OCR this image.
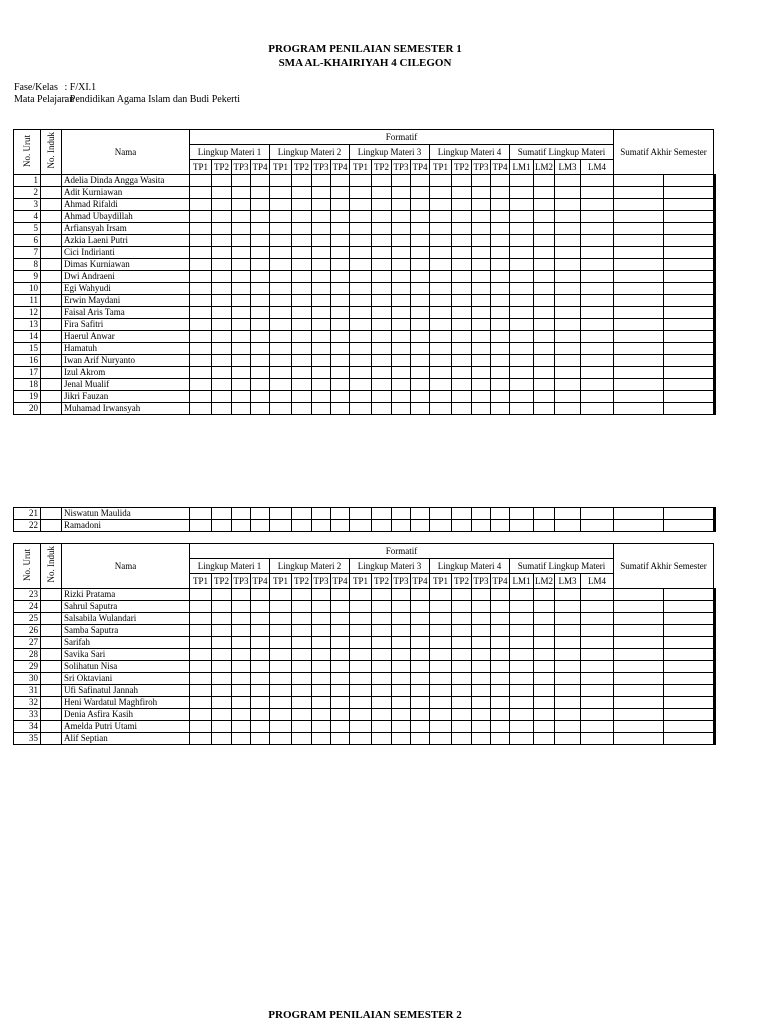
PROGRAM PENILAIAN SEMESTER 1
SMA AL-KHAIRIYAH 4 CILEGON
Fase/Kelas : F/XI.1
Mata Pelajaran : Pendidikan Agama Islam dan Budi Pekerti
No. Urut	No. Induk	Nama	Formatif																				Sumatif Akhir Semester		
			Lingkup Materi 1				Lingkup Materi 2				Lingkup Materi 3				Lingkup Materi 4				Sumatif Lingkup Materi						
			TP1	TP2	TP3	TP4	TP1	TP2	TP3	TP4	TP1	TP2	TP3	TP4	TP1	TP2	TP3	TP4	LM1	LM2	LM3	LM4			
1		Adelia Dinda Angga Wasita																								
2		Adit Kurniawan																								
3		Ahmad Rifaldi																								
4		Ahmad Ubaydillah																								
5		Arfiansyah Irsam																								
6		Azkia Laeni Putri																								
7		Cici Indirianti																								
8		Dimas Kurniawan																								
9		Dwi Andraeni																								
10		Egi Wahyudi																								
11		Erwin Maydani																								
12		Faisal Aris Tama																								
13		Fira Safitri																								
14		Haerul Anwar																								
15		Hamatuh																								
16		Iwan Arif Nuryanto																								
17		Izul Akrom																								
18		Jenal Mualif																								
19		Jikri Fauzan																								
20		Muhamad Irwansyah																								
21		Niswatun Maulida																								
22		Ramadoni																								
No. Urut	No. Induk	Nama	Formatif																				Sumatif Akhir Semester		
			Lingkup Materi 1				Lingkup Materi 2				Lingkup Materi 3				Lingkup Materi 4				Sumatif Lingkup Materi						
			TP1	TP2	TP3	TP4	TP1	TP2	TP3	TP4	TP1	TP2	TP3	TP4	TP1	TP2	TP3	TP4	LM1	LM2	LM3	LM4			
23		Rizki Pratama																								
24		Sahrul Saputra																								
25		Salsabila Wulandari																								
26		Samba Saputra																								
27		Sarifah																								
28		Savika Sari																								
29		Solihatun Nisa																								
30		Sri Oktaviani																								
31		Ufi Safinatul Jannah																								
32		Heni Wardatul Maghfiroh																								
33		Denia Asfira Kasih																								
34		Amelda Putri Utami																								
35		Alif Septian																								
PROGRAM PENILAIAN SEMESTER 2
